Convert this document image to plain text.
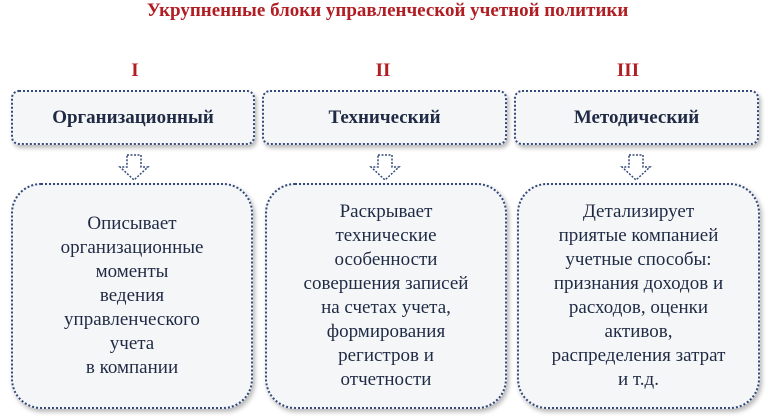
Укрупненные блоки управленческой учетной политики
I
Организационный
Описывает
организационные
моменты
ведения
управленческого
учета
в компании
II
Технический
Раскрывает
технические
особенности
совершения записей
на счетах учета,
формирования
регистров и
отчетности
III
Методический
Детализирует
приятые компанией
учетные способы:
признания доходов и
расходов, оценки
активов,
распределения затрат
и т.д.
